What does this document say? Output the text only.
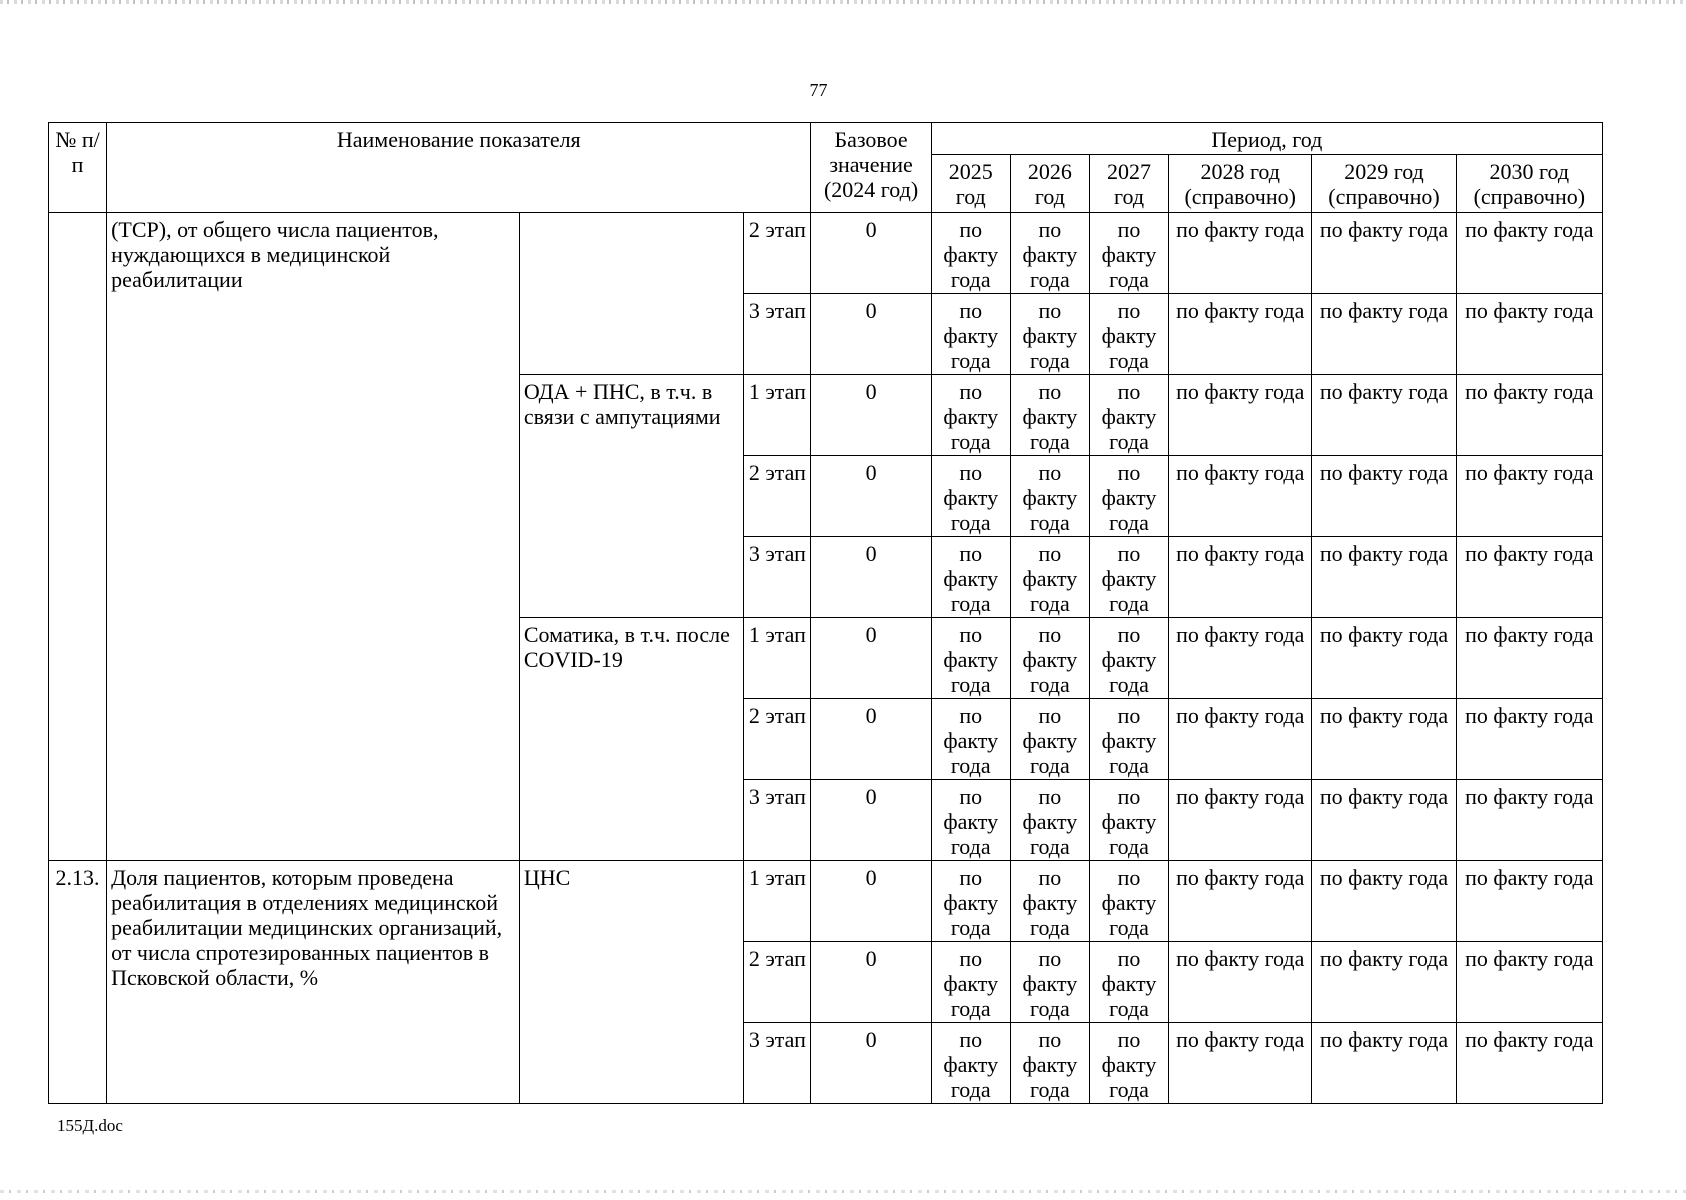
77
№ п/п	Наименование показателя			Базовое значение (2024 год)	Период, год					
					2025 год	2026 год	2027 год	2028 год (справочно)	2029 год (справочно)	2030 год (справочно)
	(ТСР), от общего числа пациентов, нуждающихся в медицинской реабилитации		2 этап	0	по факту года	по факту года	по факту года	по факту года	по факту года	по факту года
			3 этап	0	по факту года	по факту года	по факту года	по факту года	по факту года	по факту года
		ОДА + ПНС, в т.ч. в связи с ампутациями	1 этап	0	по факту года	по факту года	по факту года	по факту года	по факту года	по факту года
			2 этап	0	по факту года	по факту года	по факту года	по факту года	по факту года	по факту года
			3 этап	0	по факту года	по факту года	по факту года	по факту года	по факту года	по факту года
		Соматика, в т.ч. после COVID-19	1 этап	0	по факту года	по факту года	по факту года	по факту года	по факту года	по факту года
			2 этап	0	по факту года	по факту года	по факту года	по факту года	по факту года	по факту года
			3 этап	0	по факту года	по факту года	по факту года	по факту года	по факту года	по факту года
2.13.	Доля пациентов, которым проведена реабилитация в отделениях медицинской реабилитации медицинских организаций, от числа спротезированных пациентов в Псковской области, %	ЦНС	1 этап	0	по факту года	по факту года	по факту года	по факту года	по факту года	по факту года
			2 этап	0	по факту года	по факту года	по факту года	по факту года	по факту года	по факту года
			3 этап	0	по факту года	по факту года	по факту года	по факту года	по факту года	по факту года
155Д.doc
